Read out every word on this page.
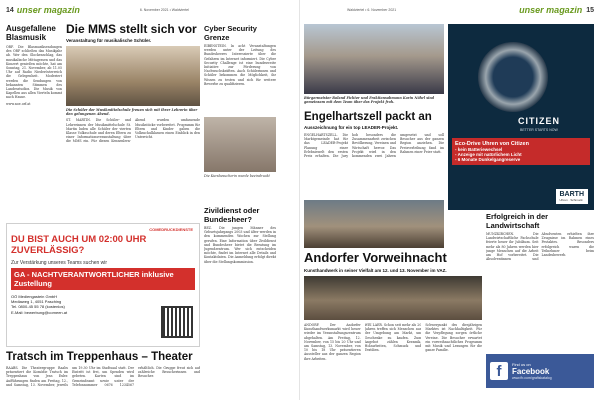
14 unser magazin	6. November 2021 • Waldviertel
Ausgefallene Blasmusik
ORF. Die Blasmusiksendungen des ORF schließen das Musikjahr ab. Wer den Glockenschlag, das musikalische Mittagessen und das Konzert genießen möchte, hat am Sonntag, 21. November, ab 11.05 Uhr auf Radio Niederösterreich die Gelegenheit. Moderiert werden die Sendungen von bekannten Stimmen des Landesstudios. Die Musik von Kapellen aus allen Vierteln kommt nach Hause.
www.noe.orf.at
Die MMS stellt sich vor
Veranstaltung für musikalische Schüler.
Die Schüler der Musikmittelschule freuen sich mit ihrer Lehrerin über den gelungenen Abend.
ST. MARTIN. Die Schüler- und Lehrerinnen der Musikmittelschule St. Martin luden alle Schüler der vierten Klasse Volksschule und deren Eltern zu einer Informationsveranstaltung über die MMS ein. Für diesen Kennenlern-Abend wurden umfassende Musikstücke vorbereitet. Programm für Eltern und Kinder gaben die Volksschulklassen einen Einblick in den Unterricht.
COMEDRUCKDIENSTE
DU BIST AUCH UM 02:00 UHR ZUVERLÄSSIG?
Zur Verstärkung unseres Teams suchen wir
GA - NACHTVERANTWORTLICHER inklusive Zustellung
OÖ Mediengastein GmbH
Mediaweg 1, 4051 Pasching
Tel. 0800-45 55 78 (kostenlos)
E-Mail: bewerbung@comeen.at
Tratsch im Treppenhaus – Theater
RAABS. Die Theatergruppe Raabs präsentiert die Komödie Tratsch im Treppenhaus von Jens Exler. Aufführungen finden am Freitag, 12., und Samstag, 13. November, jeweils um 19.30 Uhr im Stadtsaal statt. Der Eintritt ist frei, um Spenden wird gebeten. Karten sind im Gemeindeamt sowie unter der Telefonnummer 0676 1234567 erhältlich. Die Gruppe freut sich auf zahlreiche Besucherinnen und Besucher.
Cyber Security Grenze
EIBENSTEIN. In acht Veranstaltungen werden unter der Leitung des Bundesheeres Interessierte über die Gefahren im Internet informiert. Die Cyber Security Challenge ist eine bundesweite Initiative zur Förderung von Nachwuchskräften. Auch Schülerinnen und Schüler bekommen die Möglichkeit, ihr Wissen zu testen und sich für weitere Bewerbe zu qualifizieren.
Die Kursbesucherin wurde beeindruckt
Zivildienst oder Bundesheer?
BEZ. Die jungen Männer des Geburtsjahrgangs 2003 und älter werden in den kommenden Wochen zur Stellung gerufen. Eine Information über Zivildienst und Bundesheer bietet die Beratung im Jugendzentrum. Wer sich entscheiden möchte, findet im Internet alle Details und Kontaktdaten. Die Anmeldung erfolgt direkt über die Stellungskommission.
Waldviertel • 6. November 2021	unser magazin 15
Bürgermeister Roland Fichter und Fraktionsobmann Karin Nöhrl sind gemeinsam mit dem Team über das Projekt froh.
Engelhartszell packt an
Ausszeichnung für ein top LEADER-Projekt.
ENGELHARTSZELL. Die Marktgemeinde hat für das LEADER-Projekt Planung einer Erlebniswelt den ersten Preis erhalten. Die Jury hob besonders die Zusammenarbeit zwischen Bevölkerung, Vereinen und Wirtschaft hervor. Das Projekt wird in den kommenden zwei Jahren umgesetzt und soll Besucher aus der ganzen Region anziehen. Die Preisverleihung fand im Rahmen einer Feier statt.
CITIZEN
BETTER STARTS NOW
Eco-Drive Uhren von Citizen
- kein Batteriewechsel
- Anzeige mit natürlichem Licht
- 6 Monate Dunkelgangreserve
BARTH
Uhren · Schmuck
Andorfer Vorweihnacht
Kunsthandwerk in seiner Vielfalt am 12. und 13. November im VAZ.
ANDORF. Der Andorfer Kunsthandwerksmarkt wird heuer wieder im Veranstaltungszentrum abgehalten. Am Freitag, 12. November, von 15 bis 20 Uhr und am Samstag, 13. November, von 10 bis 18 Uhr präsentieren Aussteller aus der ganzen Region ihre Arbeiten.
WEI LAER. Schon seit mehr als 20 Jahren treffen sich Menschen aus der Umgebung am Markt, um Geschenke zu kaufen. Zum Angebot zählen Keramik, Holzarbeiten, Schmuck und Textilien.
Schwerpunkt des diesjährigen Marktes ist Nachhaltigkeit. Für die Verpflegung sorgen örtliche Vereine. Die Besucher erwartet ein vorweihnachtliches Programm mit Musik und Lesungen für die ganze Familie.
Erfolgreich in der Landwirtschaft
MÜNZKIRCHEN. Die Landwirtschaftliche Fachschule feierte heuer ihr Jubiläum. Seit mehr als 80 Jahren werden hier junge Menschen auf die Arbeit am Hof vorbereitet. Die Absolventinnen und Absolventen erhielten ihre Zeugnisse im Rahmen eines Festaktes. Besonders erfolgreich waren die Teilnehmer beim Landesbewerb.
f	Find us on
Facebook
www.fb.com/grafiskatalog
